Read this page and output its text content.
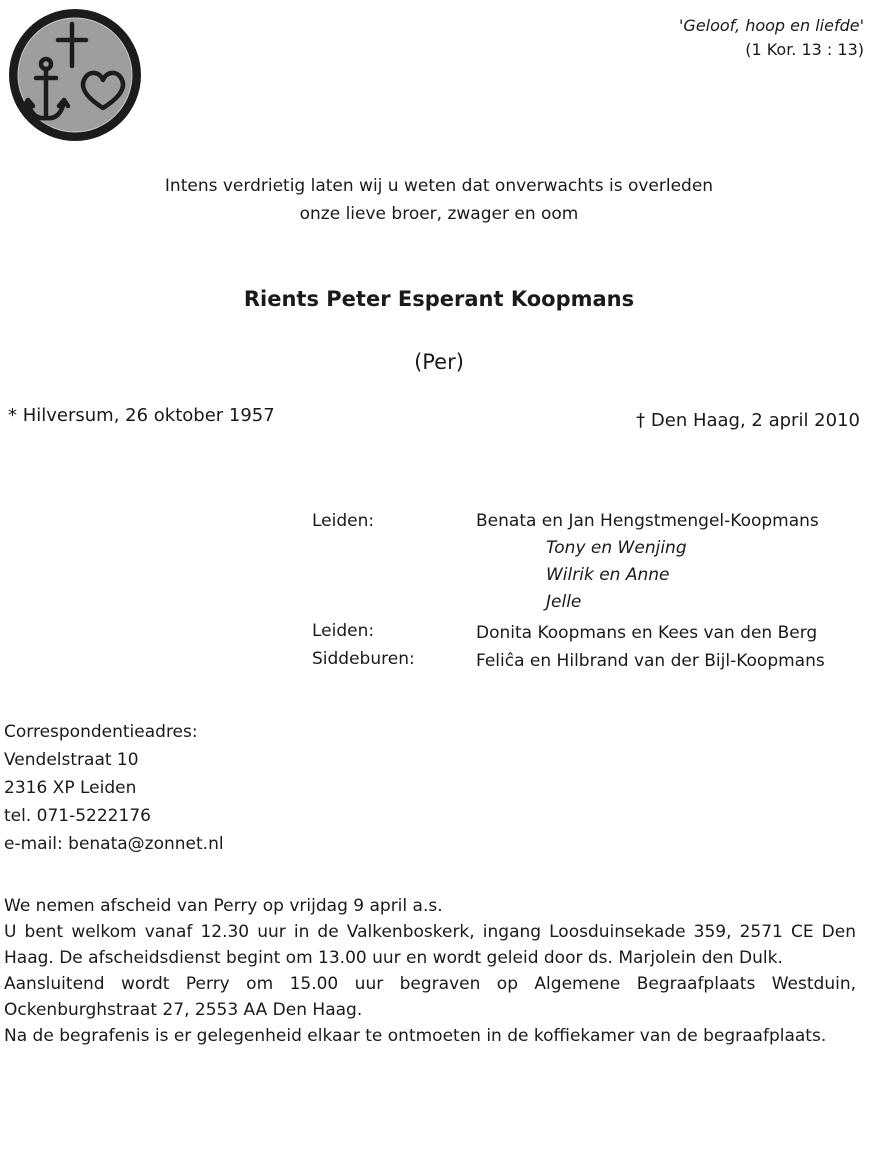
'Geloof, hoop en liefde'
(1 Kor. 13 : 13)
Intens verdrietig laten wij u weten dat onverwachts is overleden
onze lieve broer, zwager en oom
Rients Peter Esperant Koopmans
(Per)
* Hilversum, 26 oktober 1957	† Den Haag, 2 april 2010
Leiden:	Benata en Jan Hengstmengel-Koopmans
Tony en Wenjing
Wilrik en Anne
Jelle
Leiden:	Donita Koopmans en Kees van den Berg
Siddeburen:	Feliĉa en Hilbrand van der Bijl-Koopmans
Correspondentieadres:
Vendelstraat 10
2316 XP Leiden
tel. 071-5222176
e-mail: benata@zonnet.nl

We nemen afscheid van Perry op vrijdag 9 april a.s.

U bent welkom vanaf 12.30 uur in de Valkenboskerk, ingang Loosduinsekade 359, 2571 CE Den Haag. De afscheidsdienst begint om 13.00 uur en wordt geleid door ds. Marjolein den Dulk.

Aansluitend wordt Perry om 15.00 uur begraven op Algemene Begraafplaats Westduin, Ockenburghstraat 27, 2553 AA Den Haag.

Na de begrafenis is er gelegenheid elkaar te ontmoeten in de koffiekamer van de begraafplaats.
